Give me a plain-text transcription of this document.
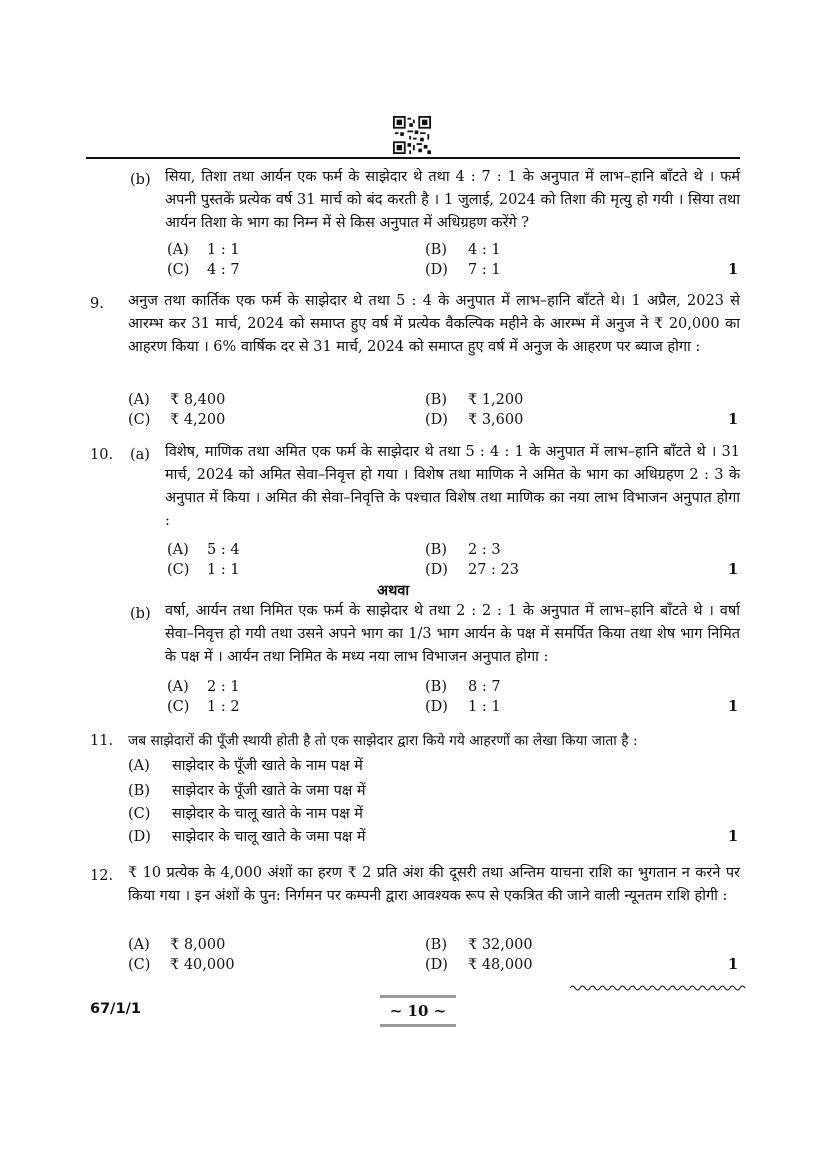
(b) सिया, तिशा तथा आर्यन एक फर्म के साझेदार थे तथा 4 : 7 : 1 के अनुपात में लाभ–हानि बाँटते थे । फर्म अपनी पुस्तकें प्रत्येक वर्ष 31 मार्च को बंद करती है । 1 जुलाई, 2024 को तिशा की मृत्यु हो गयी । सिया तथा आर्यन तिशा के भाग का निम्न में से किस अनुपात में अधिग्रहण करेंगे ?
(A) 1 : 1	(B) 4 : 1
(C) 4 : 7	(D) 7 : 1	1
9. अनुज तथा कार्तिक एक फर्म के साझेदार थे तथा 5 : 4 के अनुपात में लाभ–हानि बाँटते थे। 1 अप्रैल, 2023 से आरम्भ कर 31 मार्च, 2024 को समाप्त हुए वर्ष में प्रत्येक वैकल्पिक महीने के आरम्भ में अनुज ने ₹ 20,000 का आहरण किया । 6% वार्षिक दर से 31 मार्च, 2024 को समाप्त हुए वर्ष में अनुज के आहरण पर ब्याज होगा :
(A) ₹ 8,400	(B) ₹ 1,200
(C) ₹ 4,200	(D) ₹ 3,600	1
10. (a) विशेष, माणिक तथा अमित एक फर्म के साझेदार थे तथा 5 : 4 : 1 के अनुपात में लाभ–हानि बाँटते थे । 31 मार्च, 2024 को अमित सेवा–निवृत्त हो गया । विशेष तथा माणिक ने अमित के भाग का अधिग्रहण 2 : 3 के अनुपात में किया । अमित की सेवा–निवृत्ति के पश्चात विशेष तथा माणिक का नया लाभ विभाजन अनुपात होगा :
(A) 5 : 4	(B) 2 : 3
(C) 1 : 1	(D) 27 : 23	1
अथवा
(b) वर्षा, आर्यन तथा निमित एक फर्म के साझेदार थे तथा 2 : 2 : 1 के अनुपात में लाभ–हानि बाँटते थे । वर्षा सेवा–निवृत्त हो गयी तथा उसने अपने भाग का 1/3 भाग आर्यन के पक्ष में समर्पित किया तथा शेष भाग निमित के पक्ष में । आर्यन तथा निमित के मध्य नया लाभ विभाजन अनुपात होगा :
(A) 2 : 1	(B) 8 : 7
(C) 1 : 2	(D) 1 : 1	1
11. जब साझेदारों की पूँजी स्थायी होती है तो एक साझेदार द्वारा किये गये आहरणों का लेखा किया जाता है :
(A) साझेदार के पूँजी खाते के नाम पक्ष में
(B) साझेदार के पूँजी खाते के जमा पक्ष में
(C) साझेदार के चालू खाते के नाम पक्ष में
(D) साझेदार के चालू खाते के जमा पक्ष में	1
12. ₹ 10 प्रत्येक के 4,000 अंशों का हरण ₹ 2 प्रति अंश की दूसरी तथा अन्तिम याचना राशि का भुगतान न करने पर किया गया । इन अंशों के पुन: निर्गमन पर कम्पनी द्वारा आवश्यक रूप से एकत्रित की जाने वाली न्यूनतम राशि होगी :
(A) ₹ 8,000	(B) ₹ 32,000
(C) ₹ 40,000	(D) ₹ 48,000	1
67/1/1	~ 10 ~
